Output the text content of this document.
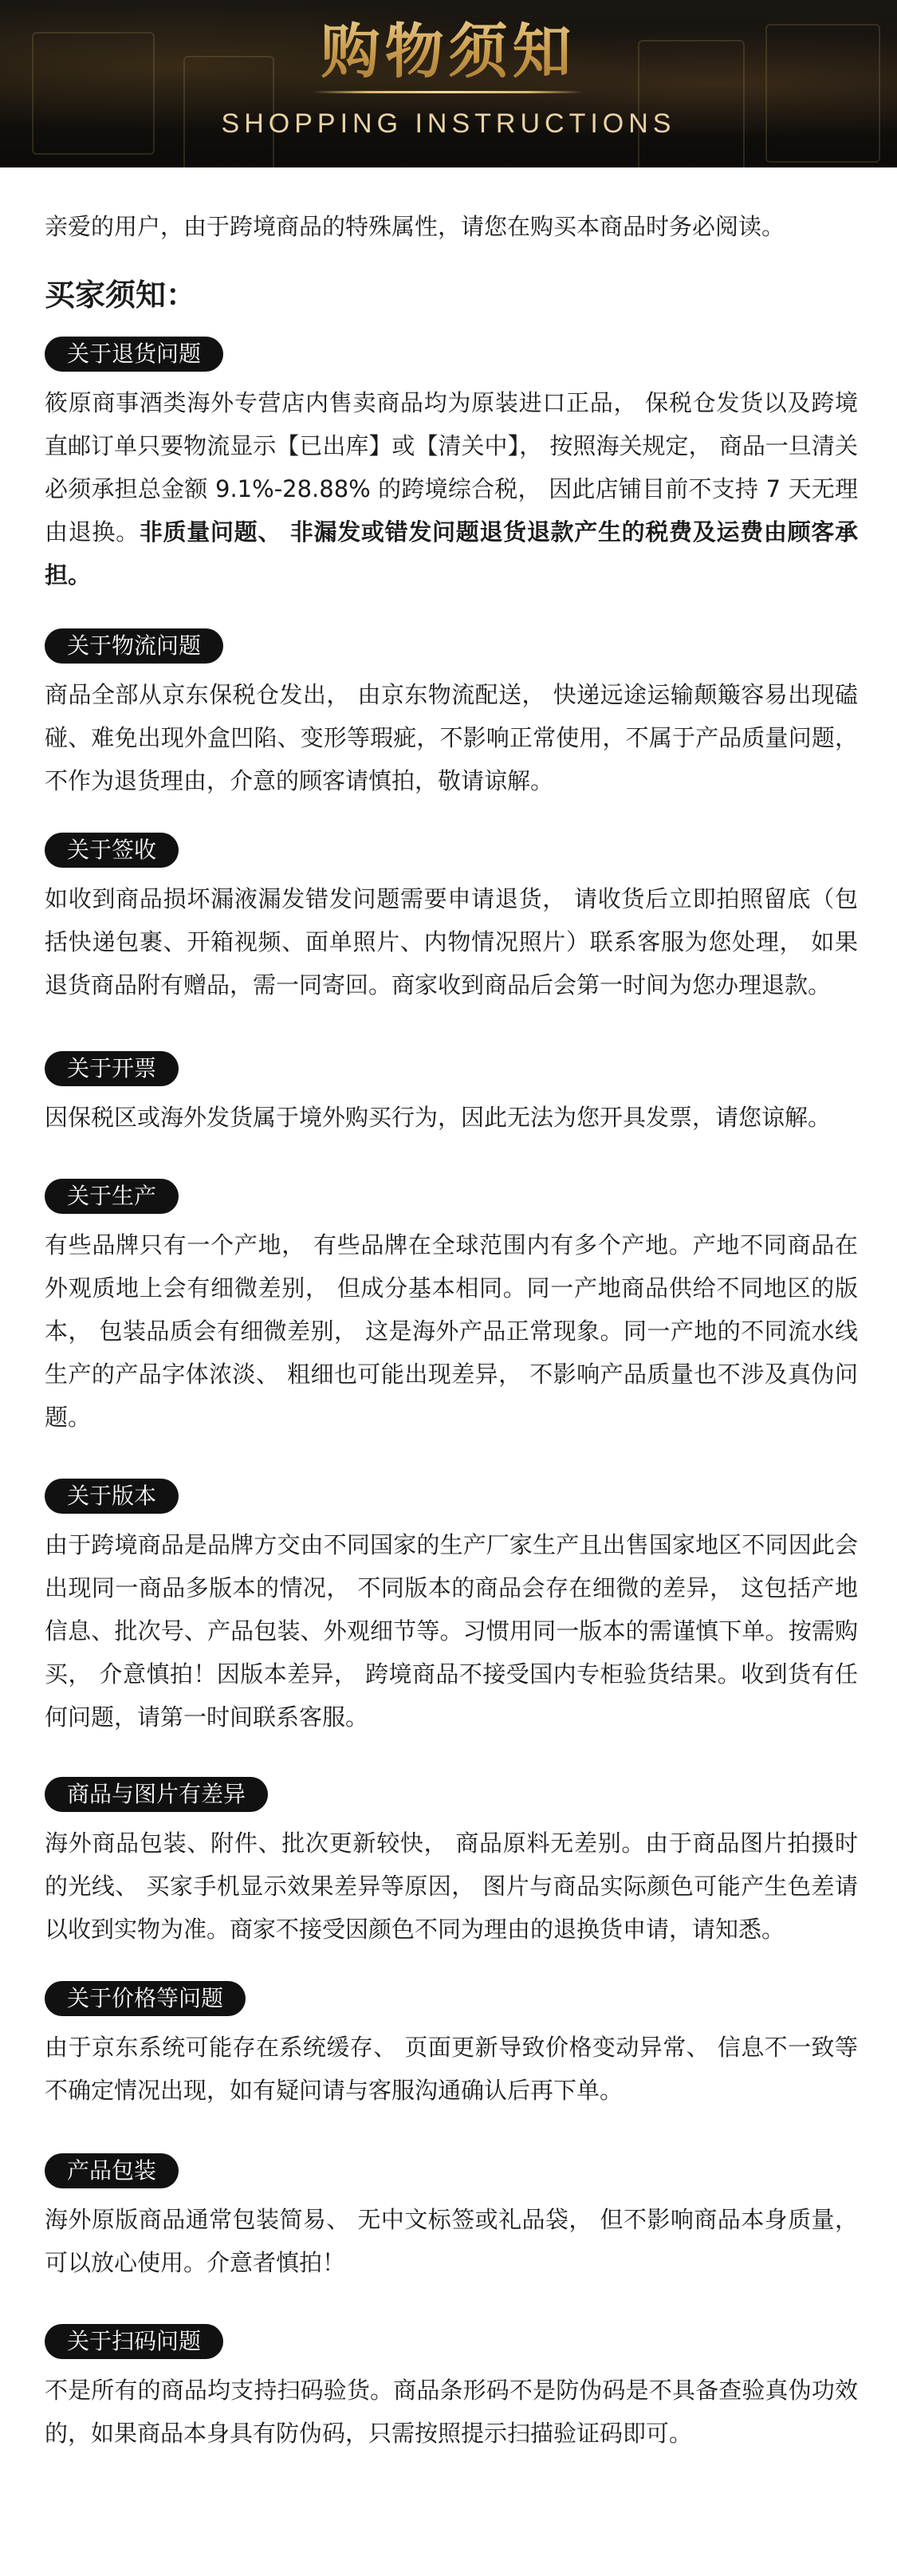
购物须知
SHOPPING INSTRUCTIONS
亲爱的用户，由于跨境商品的特殊属性，请您在购买本商品时务必阅读。
买家须知：
关于退货问题
筱原商事酒类海外专营店内售卖商品均为原装进口正品， 保税仓发货以及跨境直邮订单只要物流显示【已出库】或【清关中】， 按照海关规定， 商品一旦清关必须承担总金额 9.1%-28.88% 的跨境综合税， 因此店铺目前不支持 7 天无理由退换。非质量问题、 非漏发或错发问题退货退款产生的税费及运费由顾客承担。
关于物流问题
商品全部从京东保税仓发出， 由京东物流配送， 快递远途运输颠簸容易出现磕碰、难免出现外盒凹陷、变形等瑕疵，不影响正常使用，不属于产品质量问题，不作为退货理由，介意的顾客请慎拍，敬请谅解。
关于签收
如收到商品损坏漏液漏发错发问题需要申请退货， 请收货后立即拍照留底（包括快递包裹、开箱视频、面单照片、内物情况照片）联系客服为您处理， 如果退货商品附有赠品，需一同寄回。商家收到商品后会第一时间为您办理退款。
关于开票
因保税区或海外发货属于境外购买行为，因此无法为您开具发票，请您谅解。
关于生产
有些品牌只有一个产地， 有些品牌在全球范围内有多个产地。产地不同商品在外观质地上会有细微差别， 但成分基本相同。同一产地商品供给不同地区的版本， 包装品质会有细微差别， 这是海外产品正常现象。同一产地的不同流水线生产的产品字体浓淡、 粗细也可能出现差异， 不影响产品质量也不涉及真伪问题。
关于版本
由于跨境商品是品牌方交由不同国家的生产厂家生产且出售国家地区不同因此会出现同一商品多版本的情况， 不同版本的商品会存在细微的差异， 这包括产地信息、批次号、产品包装、外观细节等。习惯用同一版本的需谨慎下单。按需购买， 介意慎拍！因版本差异， 跨境商品不接受国内专柜验货结果。收到货有任何问题，请第一时间联系客服。
商品与图片有差异
海外商品包装、附件、批次更新较快， 商品原料无差别。由于商品图片拍摄时的光线、 买家手机显示效果差异等原因， 图片与商品实际颜色可能产生色差请以收到实物为准。商家不接受因颜色不同为理由的退换货申请，请知悉。
关于价格等问题
由于京东系统可能存在系统缓存、 页面更新导致价格变动异常、 信息不一致等不确定情况出现，如有疑问请与客服沟通确认后再下单。
产品包装
海外原版商品通常包装简易、 无中文标签或礼品袋， 但不影响商品本身质量，可以放心使用。介意者慎拍！
关于扫码问题
不是所有的商品均支持扫码验货。商品条形码不是防伪码是不具备查验真伪功效的，如果商品本身具有防伪码，只需按照提示扫描验证码即可。
